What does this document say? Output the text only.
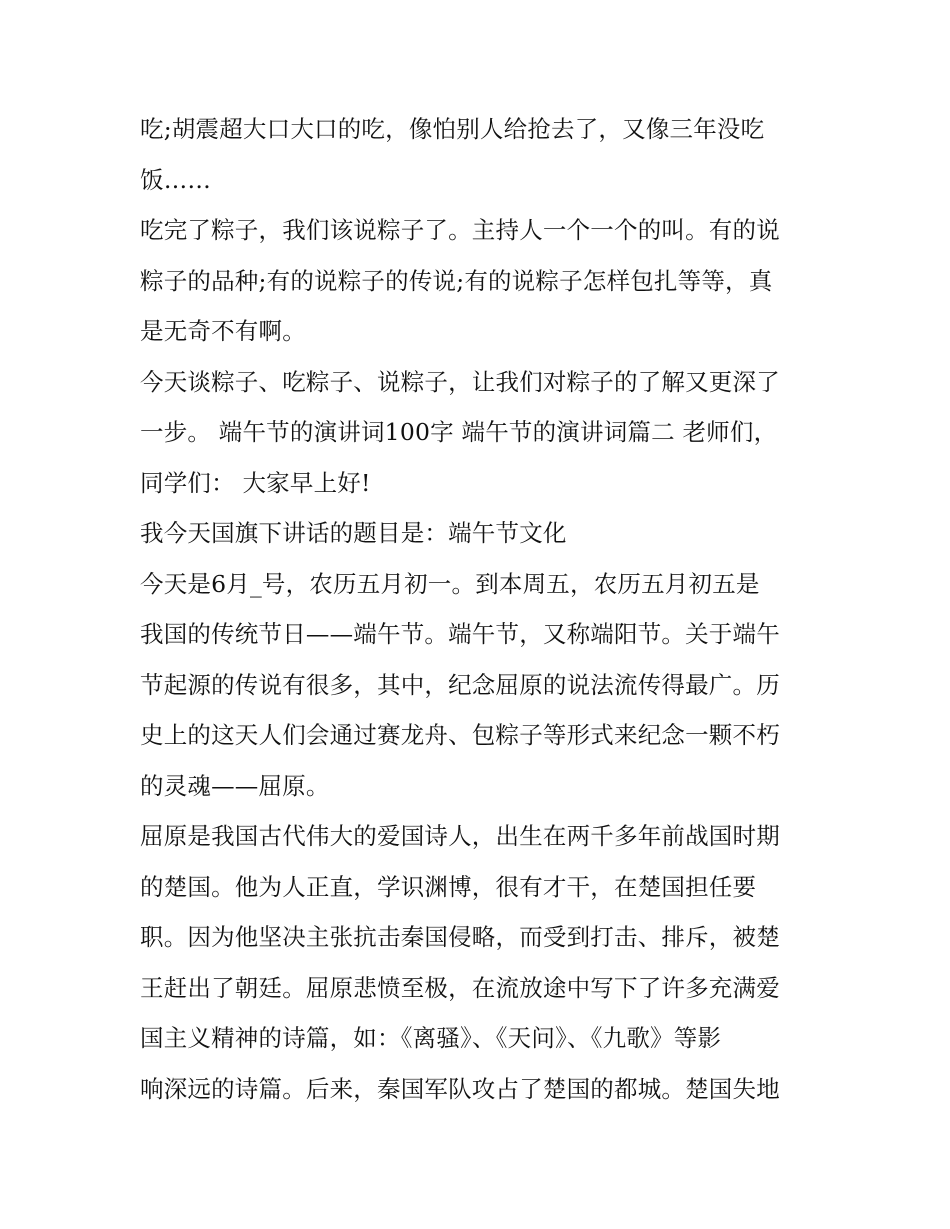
吃;胡震超大口大口的吃，像怕别人给抢去了，又像三年没吃
饭……
吃完了粽子，我们该说粽子了。主持人一个一个的叫。有的说
粽子的品种;有的说粽子的传说;有的说粽子怎样包扎等等，真
是无奇不有啊。
今天谈粽子、吃粽子、说粽子，让我们对粽子的了解又更深了
一步。 端午节的演讲词100字 端午节的演讲词篇二 老师们，
同学们： 大家早上好!
我今天国旗下讲话的题目是：端午节文化
今天是6月_号，农历五月初一。到本周五，农历五月初五是
我国的传统节日——端午节。端午节，又称端阳节。关于端午
节起源的传说有很多，其中，纪念屈原的说法流传得最广。历
史上的这天人们会通过赛龙舟、包粽子等形式来纪念一颗不朽
的灵魂——屈原。
屈原是我国古代伟大的爱国诗人，出生在两千多年前战国时期
的楚国。他为人正直，学识渊博，很有才干，在楚国担任要
职。因为他坚决主张抗击秦国侵略，而受到打击、排斥，被楚
王赶出了朝廷。屈原悲愤至极，在流放途中写下了许多充满爱
国主义精神的诗篇，如：《离骚》、《天问》、《九歌》等影
响深远的诗篇。后来，秦国军队攻占了楚国的都城。楚国失地
